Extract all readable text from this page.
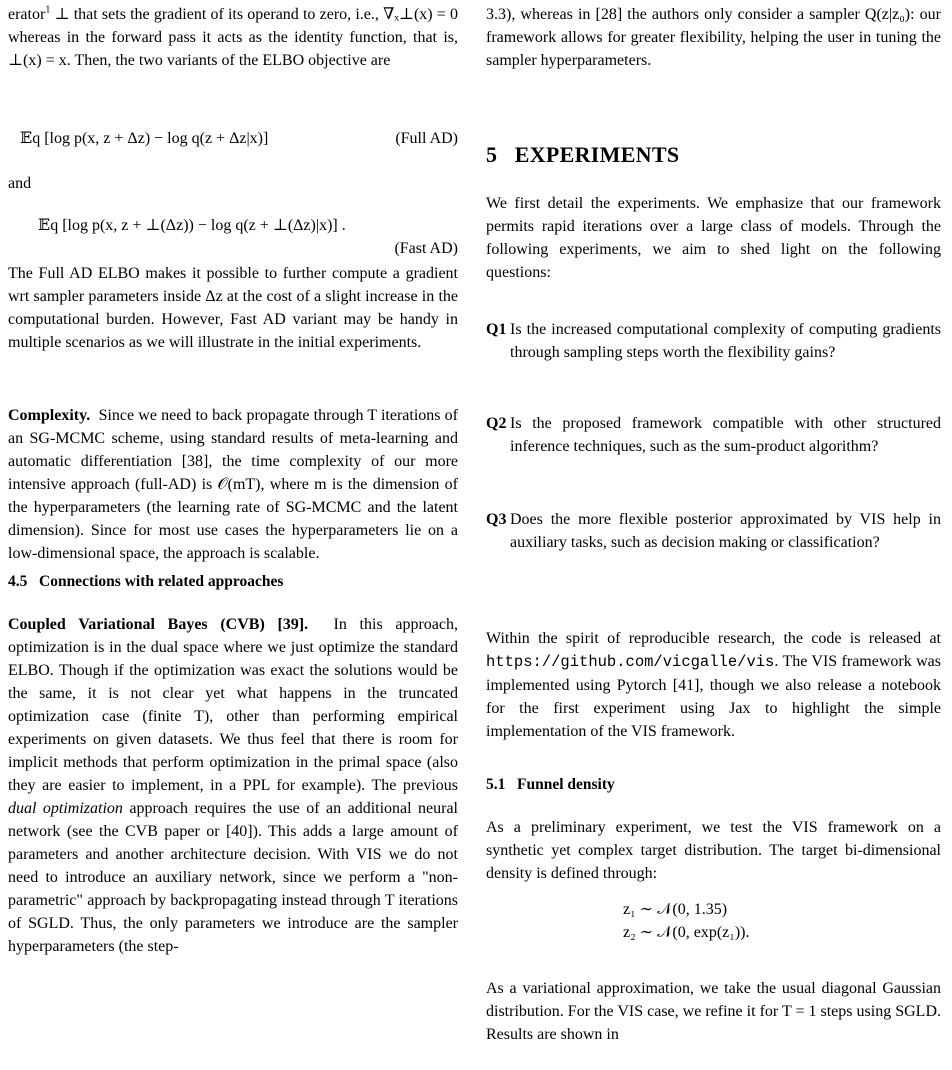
erator$^1$ ⊥ that sets the gradient of its operand to zero, i.e., ∇ₓ⊥(x) = 0 whereas in the forward pass it acts as the identity function, that is, ⊥(x) = x. Then, the two variants of the ELBO objective are

𝔼q [log p(x, z + Δz) − log q(z + Δz|x)]	(Full AD)

and

𝔼q [log p(x, z + ⊥(Δz)) − log q(z + ⊥(Δz)|x)] .
(Fast AD)

The Full AD ELBO makes it possible to further compute a gradient wrt sampler parameters inside Δz at the cost of a slight increase in the computational burden. However, Fast AD variant may be handy in multiple scenarios as we will illustrate in the initial experiments.

Complexity. Since we need to back propagate through T iterations of an SG-MCMC scheme, using standard results of meta-learning and automatic differentiation [38], the time complexity of our more intensive approach (full-AD) is 𝒪(mT), where m is the dimension of the hyperparameters (the learning rate of SG-MCMC and the latent dimension). Since for most use cases the hyperparameters lie on a low-dimensional space, the approach is scalable.

4.5   Connections with related approaches

Coupled Variational Bayes (CVB) [39]. In this approach, optimization is in the dual space where we just optimize the standard ELBO. Though if the optimization was exact the solutions would be the same, it is not clear yet what happens in the truncated optimization case (finite T), other than performing empirical experiments on given datasets. We thus feel that there is room for implicit methods that perform optimization in the primal space (also they are easier to implement, in a PPL for example). The previous dual optimization approach requires the use of an additional neural network (see the CVB paper or [40]). This adds a large amount of parameters and another architecture decision. With VIS we do not need to introduce an auxiliary network, since we perform a "non-parametric" approach by backpropagating instead through T iterations of SGLD. Thus, the only parameters we introduce are the sampler hyperparameters (the step-

3.3), whereas in [28] the authors only consider a sampler Q(z|z₀): our framework allows for greater flexibility, helping the user in tuning the sampler hyperparameters.

5   EXPERIMENTS

We first detail the experiments. We emphasize that our framework permits rapid iterations over a large class of models. Through the following experiments, we aim to shed light on the following questions:

Q1 Is the increased computational complexity of computing gradients through sampling steps worth the flexibility gains?
Q2 Is the proposed framework compatible with other structured inference techniques, such as the sum-product algorithm?
Q3 Does the more flexible posterior approximated by VIS help in auxiliary tasks, such as decision making or classification?

Within the spirit of reproducible research, the code is released at https://github.com/vicgalle/vis. The VIS framework was implemented using Pytorch [41], though we also release a notebook for the first experiment using Jax to highlight the simple implementation of the VIS framework.

5.1   Funnel density

As a preliminary experiment, we test the VIS framework on a synthetic yet complex target distribution. The target bi-dimensional density is defined through:

z₁ ∼ 𝒩(0, 1.35)
z₂ ∼ 𝒩(0, exp(z₁)).

As a variational approximation, we take the usual diagonal Gaussian distribution. For the VIS case, we refine it for T = 1 steps using SGLD. Results are shown in
